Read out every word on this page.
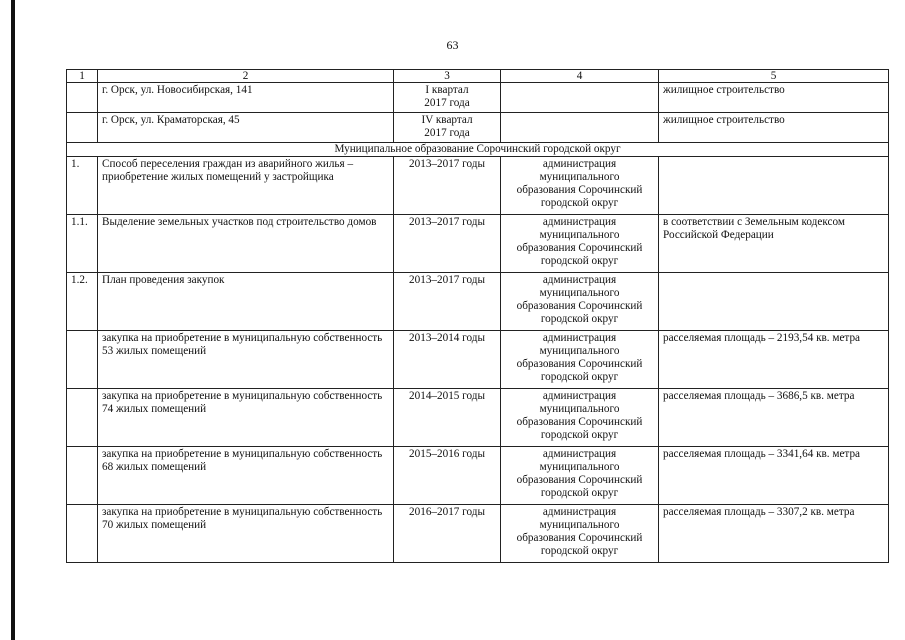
63
1	2	3	4	5
	г. Орск, ул. Новосибирская, 141	I квартал
2017 года		жилищное строительство
	г. Орск, ул. Краматорская, 45	IV квартал
2017 года		жилищное строительство
Муниципальное образование Сорочинский городской округ				
1.	Способ переселения граждан из аварийного жилья – приобретение жилых помещений у застройщика	2013–2017 годы	администрация
муниципального
образования Сорочинский
городской округ	

1.1.	Выделение земельных участков под строительство домов	2013–2017 годы	администрация
муниципального
образования Сорочинский
городской округ	в соответствии с Земельным кодексом Российской Федерации
1.2.	План проведения закупок	2013–2017 годы	администрация
муниципального
образования Сорочинский
городской округ	

	закупка на приобретение в муниципальную собственность 53 жилых помещений	2013–2014 годы	администрация
муниципального
образования Сорочинский
городской округ	расселяемая площадь – 2193,54 кв. метра
	закупка на приобретение в муниципальную собственность 74 жилых помещений	2014–2015 годы	администрация
муниципального
образования Сорочинский
городской округ	расселяемая площадь – 3686,5 кв. метра
	закупка на приобретение в муниципальную собственность 68 жилых помещений	2015–2016 годы	администрация
муниципального
образования Сорочинский
городской округ	расселяемая площадь – 3341,64 кв. метра
	закупка на приобретение в муниципальную собственность 70 жилых помещений	2016–2017 годы	администрация
муниципального
образования Сорочинский
городской округ	расселяемая площадь – 3307,2 кв. метра
